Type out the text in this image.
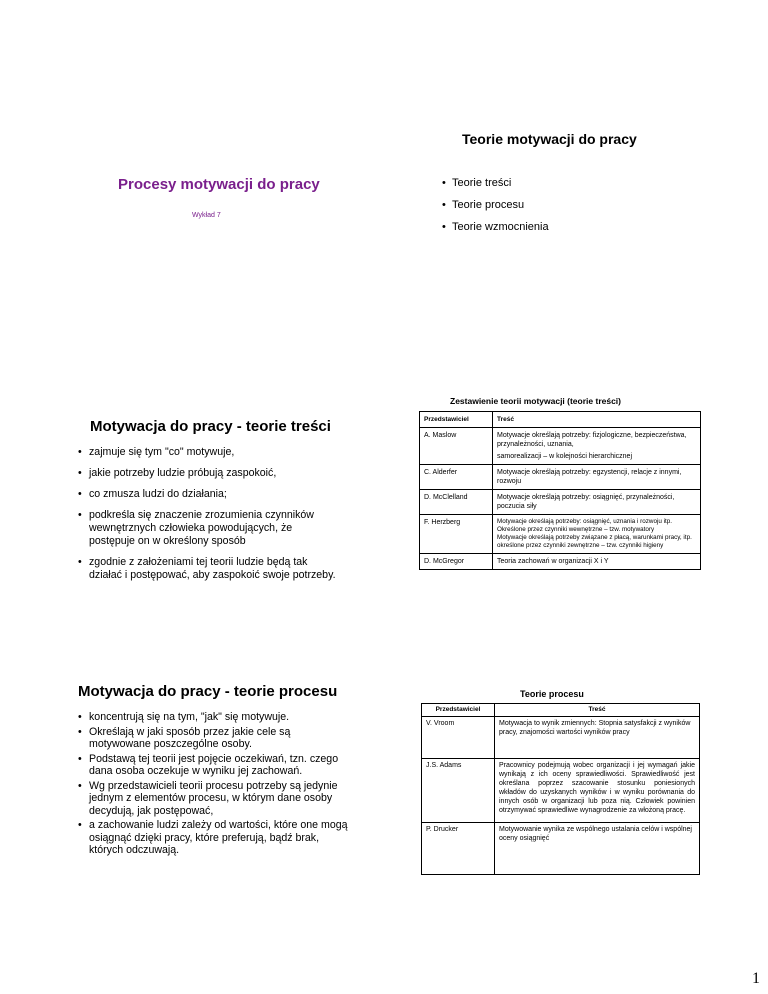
Procesy motywacji do pracy
Wykład 7
Teorie motywacji do pracy
• Teorie treści
• Teorie procesu
• Teorie wzmocnienia
Motywacja do pracy - teorie treści
• zajmuje się tym "co" motywuje,
• jakie potrzeby ludzie próbują zaspokoić,
• co zmusza ludzi do działania;
• podkreśla się znaczenie zrozumienia czynników wewnętrznych człowieka powodujących, że postępuje on w określony sposób
• zgodnie z założeniami tej teorii ludzie będą tak działać i postępować, aby zaspokoić swoje potrzeby.
Zestawienie teorii motywacji (teorie treści)
Przedstawiciel	Treść
A. Maslow	Motywacje określają potrzeby: fizjologiczne, bezpieczeństwa, przynależności, uznania,
samorealizacji – w kolejności hierarchicznej

C. Alderfer	Motywacje określają potrzeby: egzystencji, relacje z innymi, rozwoju
D. McClelland	Motywacje określają potrzeby: osiągnięć, przynależności, poczucia siły
F. Herzberg	Motywacje określają potrzeby: osiągnięć, uznania i rozwoju itp. Określone przez czynniki wewnętrzne – tzw. motywatory
Motywacje określają potrzeby związane z płacą, warunkami pracy, itp. określone przez czynniki zewnętrzne – tzw. czynniki higieny

D. McGregor	Teoria zachowań w organizacji X i Y
Motywacja do pracy - teorie procesu
• koncentrują się na tym, "jak" się motywuje.
• Określają w jaki sposób przez jakie cele są motywowane poszczególne osoby.
• Podstawą tej teorii jest pojęcie oczekiwań, tzn. czego dana osoba oczekuje w wyniku jej zachowań.
• Wg przedstawicieli teorii procesu potrzeby są jedynie jednym z elementów procesu, w którym dane osoby decydują, jak postępować,
• a zachowanie ludzi zależy od wartości, które one mogą osiągnąć dzięki pracy, które preferują, bądź brak, których odczuwają.
Teorie procesu
Przedstawiciel	Treść
V. Vroom	Motywacja to wynik zmiennych: Stopnia satysfakcji z wyników pracy, znajomości wartości wyników pracy
J.S. Adams	Pracownicy podejmują wobec organizacji i jej wymagań jakie wynikają z ich oceny sprawiedliwości. Sprawiedliwość jest określana poprzez szacowanie stosunku poniesionych wkładów do uzyskanych wyników i w wyniku porównania do innych osób w organizacji lub poza nią. Człowiek powinien otrzymywać sprawiedliwe wynagrodzenie za włożoną pracę.
P. Drucker	Motywowanie wynika ze wspólnego ustalania celów i wspólnej oceny osiągnięć
1
